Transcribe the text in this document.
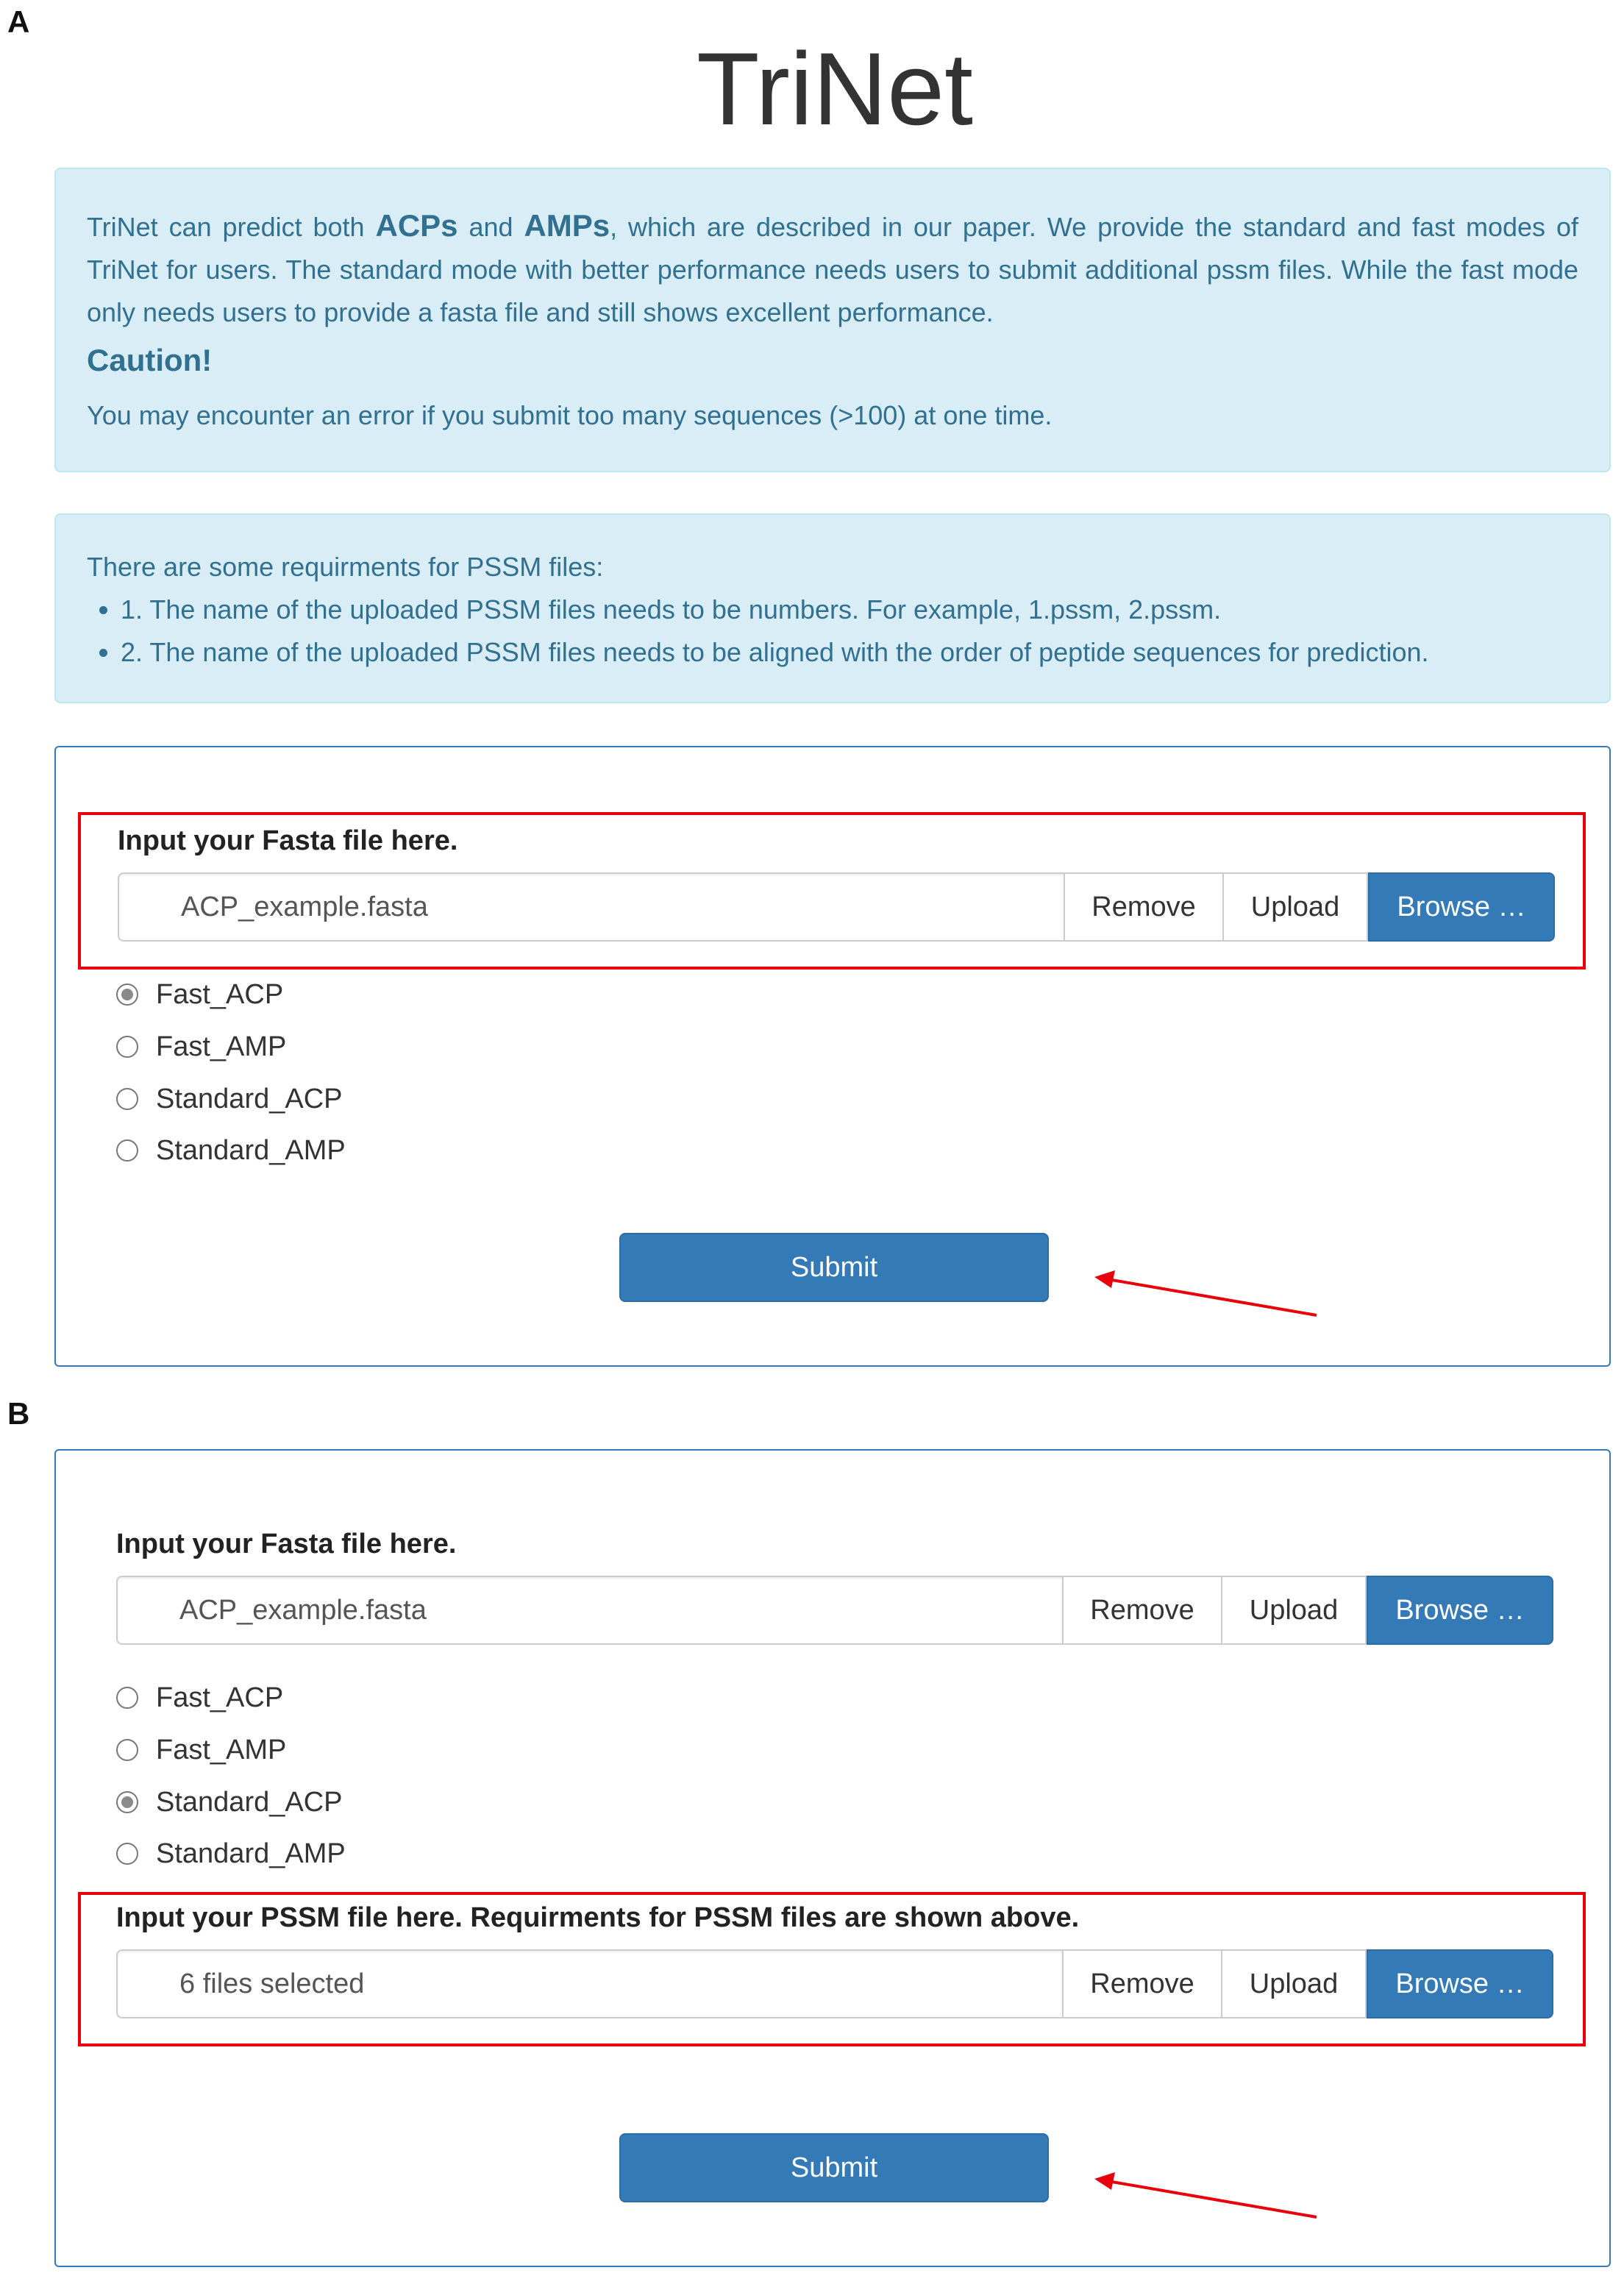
A
B
TriNet

TriNet can predict both ACPs and AMPs, which are described in our paper. We provide the standard and fast modes of TriNet for users. The standard mode with better performance needs users to submit additional pssm files. While the fast mode only needs users to provide a fasta file and still shows excellent performance.

Caution!

You may encounter an error if you submit too many sequences (>100) at one time.

There are some requirments for PSSM files:

• 1. The name of the uploaded PSSM files needs to be numbers. For example, 1.pssm, 2.pssm.
• 2. The name of the uploaded PSSM files needs to be aligned with the order of peptide sequences for prediction.
Input your Fasta file here.
ACP_example.fasta	Remove	Upload	Browse …
Fast_ACP
Fast_AMP
Standard_ACP
Standard_AMP
Submit
Input your Fasta file here.
ACP_example.fasta	Remove	Upload	Browse …
Fast_ACP
Fast_AMP
Standard_ACP
Standard_AMP
Input your PSSM file here. Requirments for PSSM files are shown above.
6 files selected	Remove	Upload	Browse …
Submit
